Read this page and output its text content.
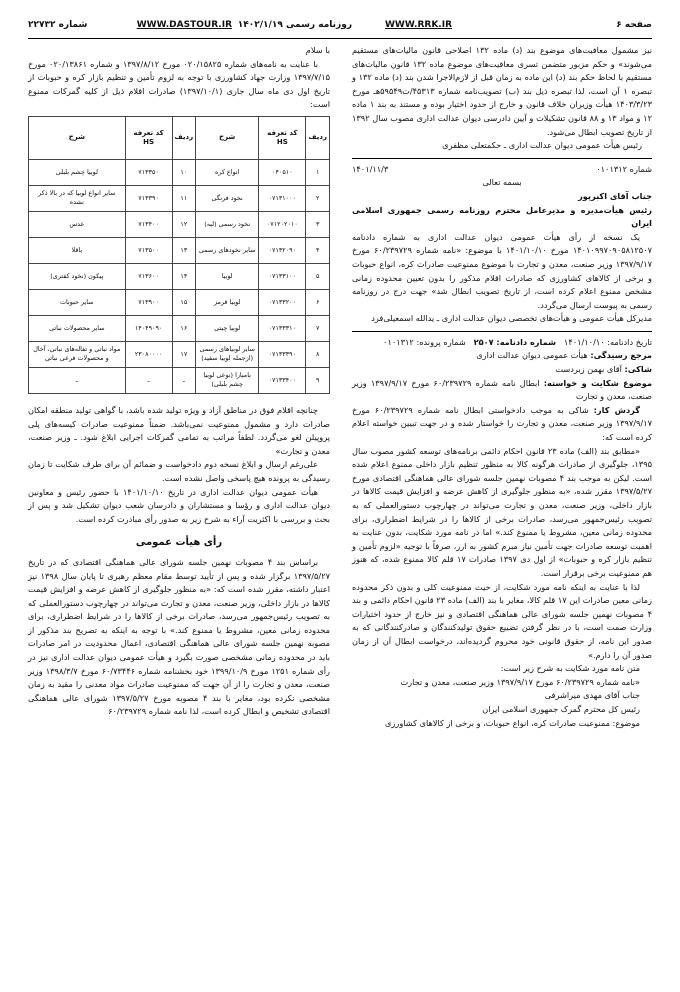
صفحه ۶
WWW.RRK.IR
روزنامه رسمی ۱۴۰۲/۱/۱۹
WWW.DASTOUR.IR
شماره ۲۲۷۳۲

نیز مشمول معافیت‌های موضوع بند (د) ماده ۱۳۲ اصلاحی قانون مالیات‌های مستقیم می‌شوند» و حکم مزبور متضمن تسری معافیت‌های موضوع ماده ۱۳۲ قانون مالیات‌های مستقیم با لحاظ حکم بند (د) این ماده به زمان قبل از لازم‌الاجرا شدن بند (د) ماده ۱۳۲ و تبصره ۱ آن است، لذا تبصره ذیل بند (ب) تصویب‌نامه شماره ۴۵۳۱۳/ت۵۹۵۴۹هـ مورخ ۱۴۰۳/۳/۲۳ هیأت وزیران خلاف قانون و خارج از حدود اختیار بوده و مستند به بند ۱ ماده ۱۲ و مواد ۱۳ و ۸۸ قانون تشکیلات و آیین دادرسی دیوان عدالت اداری مصوب سال ۱۳۹۲ از تاریخ تصویب ابطال می‌شود.

رئیس هیأت عمومی دیوان عدالت اداری ـ حکمتعلی مظفری

شماره ۰۱۰۱۳۱۲
۱۴۰۱/۱۱/۳

بسمه تعالی

جناب آقای اکبرپور

رئیس هیأت‌مدیره و مدیرعامل محترم روزنامه رسمی جمهوری اسلامی ایران

یک نسخه از رأی هیأت عمومی دیوان عدالت اداری به شماره دادنامه ۱۴۰۱۰۹۹۷۰۹۰۵۸۱۲۵۰۷ مورخ ۱۴۰۱/۱۰/۱۰ با موضوع: «نامه شماره ۶۰/۲۳۹۷۲۹ مورخ ۱۳۹۷/۹/۱۷ وزیر صنعت، معدن و تجارت با موضوع ممنوعیت صادرات کره، انواع حبوبات و برخی از کالاهای کشاورزی که صادرات اقلام مذکور را بدون تعیین محدوده زمانی مشخص ممنوع اعلام کرده است، از تاریخ تصویب ابطال شد» جهت درج در روزنامه رسمی به پیوست ارسال می‌گردد.

مدیرکل هیأت عمومی و هیأت‌های تخصصی دیوان عدالت اداری ـ یدالله اسمعیلی‌فرد

تاریخ دادنامه: ۱۴۰۱/۱۰/۱۰   شماره دادنامه: ۲۵۰۷   شماره پرونده: ۰۱۰۱۳۱۲

مرجع رسیدگی: هیأت عمومی دیوان عدالت اداری

شاکی: آقای بهمن زبردست

موضوع شکایت و خواسته: ابطال نامه شماره ۶۰/۲۳۹۷۲۹ مورخ ۱۳۹۷/۹/۱۷ وزیر صنعت، معدن و تجارت

گردش کار: شاکی به موجب دادخواستی ابطال نامه شماره ۶۰/۲۳۹۷۲۹ مورخ ۱۳۹۷/۹/۱۷ وزیر صنعت، معدن و تجارت را خواستار شده و در جهت تبیین خواسته اعلام کرده است که:

«مطابق بند (الف) ماده ۲۳ قانون احکام دائمی برنامه‌های توسعه کشور مصوب سال ۱۳۹۵، جلوگیری از صادرات هرگونه کالا به منظور تنظیم بازار داخلی ممنوع اعلام شده است. لیکن به موجب بند ۴ مصوبات نهمین جلسه شورای عالی هماهنگی اقتصادی مورخ ۱۳۹۷/۵/۲۷ مقرر شده، «به منظور جلوگیری از کاهش عرضه و افزایش قیمت کالاها در بازار داخلی، وزیر صنعت، معدن و تجارت می‌تواند در چهارچوب دستورالعملی که به تصویب رئیس‌جمهور می‌رسد، صادرات برخی از کالاها را در شرایط اضطراری، برای محدوده زمانی معین، مشروط یا ممنوع کند.» اما در نامه مورد شکایت، بدون عنایت به اهمیت توسعه صادرات جهت تأمین نیاز مبرم کشور به ارز، صرفاً با توجیه «لزوم تأمین و تنظیم بازار کره و حبوبات» از اول دی ۱۳۹۷ صادرات ۱۷ قلم کالا ممنوع شده، که هنوز هم ممنوعیت برخی برقرار است.

لذا با عنایت به اینکه نامه مورد شکایت، از حیث ممنوعیت کلی و بدون ذکر محدوده زمانی معین صادرات این ۱۷ قلم کالا، مغایر با بند (الف) ماده ۲۳ قانون احکام دائمی و بند ۴ مصوبات نهمین جلسه شورای عالی هماهنگی اقتصادی و نیز خارج از حدود اختیارات وزارت صمت است، با در نظر گرفتن تضییع حقوق تولیدکنندگان و صادرکنندگانی که به صدور این نامه، از حقوق قانونی خود محروم گردیده‌اند، درخواست ابطال آن از زمان صدور آن را دارم.»

متن نامه مورد شکایت به شرح زیر است:

«نامه شماره ۶۰/۲۳۹۷۲۹ مورخ ۱۳۹۷/۹/۱۷ وزیر صنعت، معدن و تجارت

جناب آقای مهدی میراشرفی

رئیس کل محترم گمرک جمهوری اسلامی ایران

موضوع: ممنوعیت صادرات کره، انواع حبوبات، و برخی از کالاهای کشاورزی

با سلام

با عنایت به نامه‌های شماره ۰۲۰/۱۵۸۲۵ مورخ ۱۳۹۷/۸/۱۲ و شماره ۰۲۰/۱۳۸۶۱ مورخ ۱۳۹۷/۷/۱۵ وزارت جهاد کشاورزی با توجه به لزوم تأمین و تنظیم بازار کره و حبوبات از تاریخ اول دی ماه سال جاری (۱۳۹۷/۱۰/۱) صادرات اقلام ذیل از کلیه گمرکات ممنوع است:

ردیف	کد تعرفه HS	شرح	ردیف	کد تعرفه HS	شرح
۱	۰۴۰۵۱۰	انواع کره	۱۰	۷۱۳۳۵۰	لوبیا چشم بلبلی
۲	۰۷۱۳۱۰۰۰	نخود فرنگی	۱۱	۷۱۳۳۹۰	سایر انواع لوبیا که در بالا ذکر نشده
۳	۰۷۱۲۰۲۰۱۰	نخود رسمی (لپه)	۱۲	۷۱۳۴۰۰	عدس
۴	۰۷۱۳۲۰۹۰	سایر نخودهای رسمی	۱۳	۷۱۳۵۰۰	باقلا
۵	۰۷۱۳۳۱۰۰	لوبیا	۱۴	۷۱۳۶۰۰	پیکون (نخود کفتری)
۶	۰۷۱۳۳۲۰۰	لوبیا قرمز	۱۵	۷۱۳۹۰۰	سایر حبوبات
۷	۰۷۱۳۳۳۱۰	لوبیا چیتی	۱۶	۱۴۰۴۹۰۹۰	سایر محصولات نباتی
۸	۰۷۱۳۳۳۹۰	سایر لوبیاهای رسمی (ازجمله لوبیا سفید)	۱۷	۲۳۰۸۰۰۰۰	مواد نباتی و تفاله‌های نباتی، آخال و محصولات فرعی نباتی
۹	۰۷۱۳۳۴۰۰	بامبارا (نوعی لوبیا چشم بلبلی)	ـ	ـ	ـ

چنانچه اقلام فوق در مناطق آزاد و ویژه تولید شده باشد، با گواهی تولید منطقه امکان صادرات دارد و مشمول ممنوعیت نمی‌باشد. ضمناً ممنوعیت صادرات کیسه‌های پلی پروپیلن لغو می‌گردد. لطفاً مراتب به تمامی گمرکات اجرایی ابلاغ شود. ـ وزیر صنعت، معدن و تجارت»

علی‌رغم ارسال و ابلاغ نسخه دوم دادخواست و ضمائم آن برای طرف شکایت تا زمان رسیدگی به پرونده هیچ پاسخی واصل نشده است.

هیأت عمومی دیوان عدالت اداری در تاریخ ۱۴۰۱/۱۰/۱۰ با حضور رئیس و معاونین دیوان عدالت اداری و رؤسا و مستشاران و دادرسان شعب دیوان تشکیل شد و پس از بحث و بررسی با اکثریت آراء به شرح زیر به صدور رأی مبادرت کرده است.

رأی هیأت عمومی

براساس بند ۴ مصوبات نهمین جلسه شورای عالی هماهنگی اقتصادی که در تاریخ ۱۳۹۷/۵/۲۷ برگزار شده و پس از تأیید توسط مقام معظم رهبری تا پایان سال ۱۳۹۸ نیز اعتبار داشته، مقرر شده است که: «به منظور جلوگیری از کاهش عرضه و افزایش قیمت کالاها در بازار داخلی، وزیر صنعت، معدن و تجارت می‌تواند در چهارچوب دستورالعملی که به تصویب رئیس‌جمهور می‌رسد، صادرات برخی از کالاها را در شرایط اضطراری، برای محدوده زمانی معین، مشروط یا ممنوع کند.» با توجه به اینکه به تصریح بند مذکور از مصوبه نهمین جلسه شورای عالی هماهنگی اقتصادی، اعمال محدودیت در امر صادرات باید در محدوده زمانی مشخصی صورت بگیرد و هیأت عمومی دیوان عدالت اداری نیز در رأی شماره ۱۲۵۱ مورخ ۱۳۹۹/۱۰/۹ خود بخشنامه شماره ۶۰/۷۳۴۴۶ مورخ ۱۳۹۸/۳/۷ وزیر صنعت، معدن و تجارت را از آن جهت که ممنوعیت صادرات مواد معدنی را مقید به زمان مشخصی نکرده بود، مغایر با بند ۴ مصوبه مورخ ۱۳۹۷/۵/۲۷ شورای عالی هماهنگی اقتصادی تشخیص و ابطال کرده است، لذا نامه شماره ۶۰/۲۳۹۷۲۹
